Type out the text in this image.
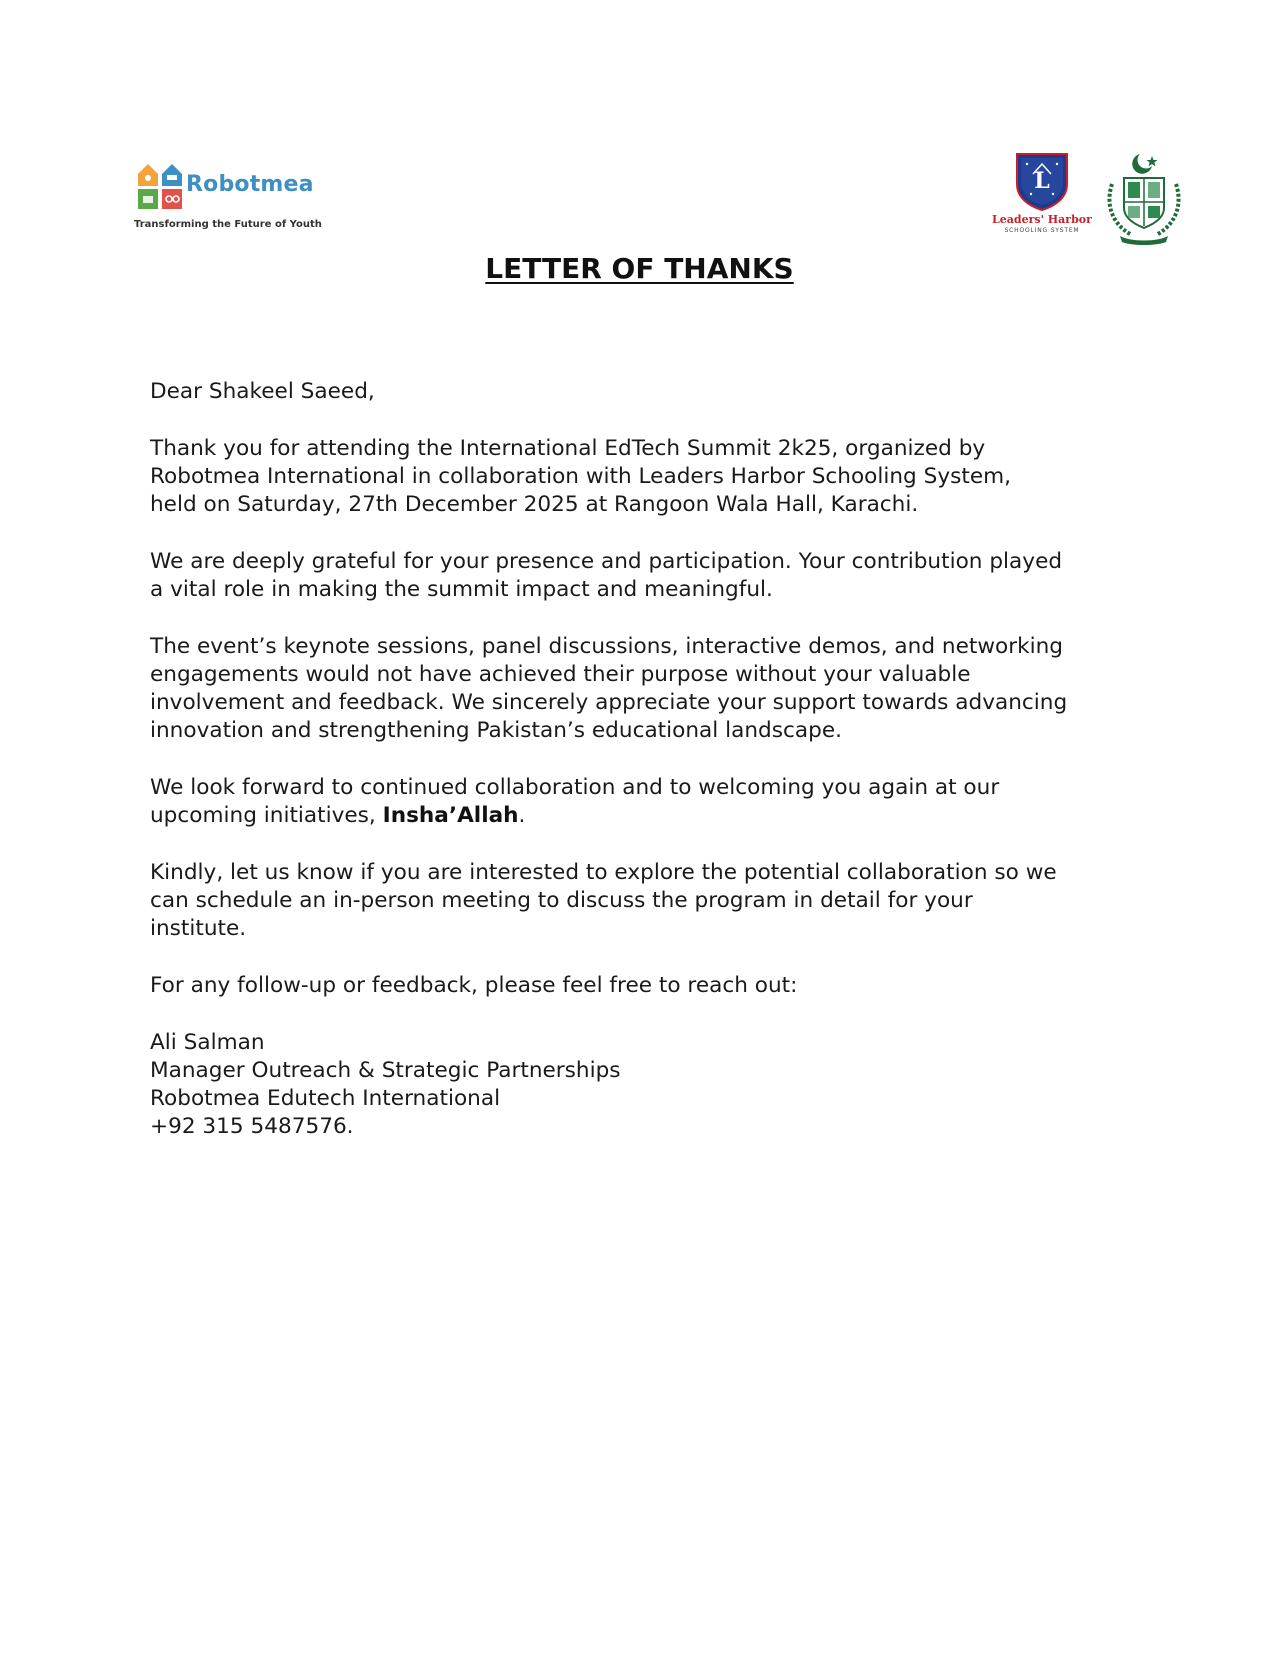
Robotmea
Transforming the Future of Youth
L
Leaders' Harbor
SCHOOLING SYSTEM
LETTER OF THANKS

Dear Shakeel Saeed,

Thank you for attending the International EdTech Summit 2k25, organized by
Robotmea International in collaboration with Leaders Harbor Schooling System,
held on Saturday, 27th December 2025 at Rangoon Wala Hall, Karachi.

We are deeply grateful for your presence and participation. Your contribution played
a vital role in making the summit impact and meaningful.

The event’s keynote sessions, panel discussions, interactive demos, and networking
engagements would not have achieved their purpose without your valuable
involvement and feedback. We sincerely appreciate your support towards advancing
innovation and strengthening Pakistan’s educational landscape.

We look forward to continued collaboration and to welcoming you again at our
upcoming initiatives, Insha’Allah.

Kindly, let us know if you are interested to explore the potential collaboration so we
can schedule an in-person meeting to discuss the program in detail for your
institute.

For any follow-up or feedback, please feel free to reach out:

Ali Salman
Manager Outreach & Strategic Partnerships
Robotmea Edutech International
+92 315 5487576.
